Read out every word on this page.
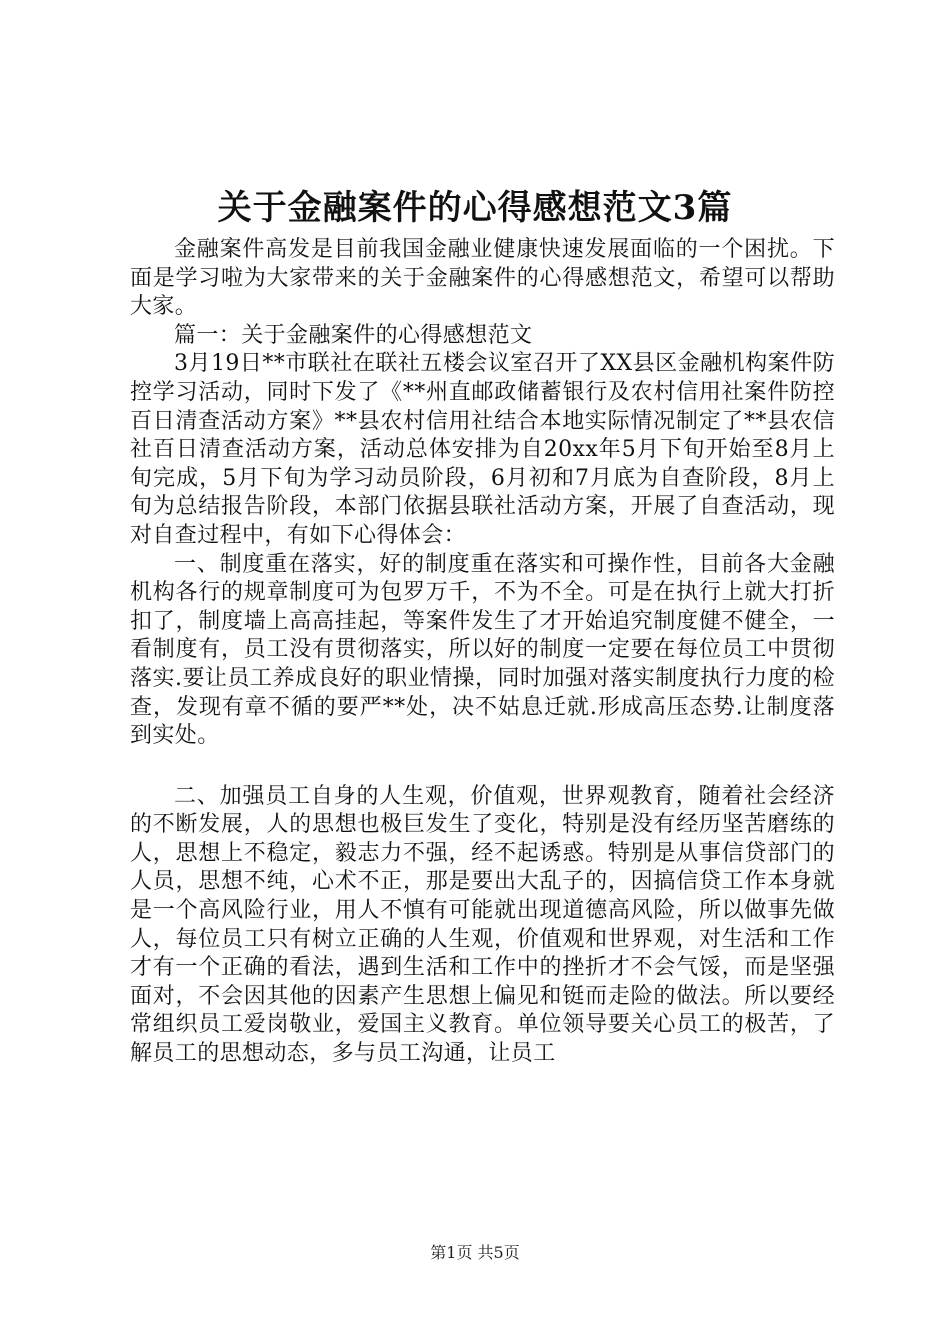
关于金融案件的心得感想范文3篇

金融案件高发是目前我国金融业健康快速发展面临的一个困扰。下面是学习啦为大家带来的关于金融案件的心得感想范文，希望可以帮助大家。

篇一：关于金融案件的心得感想范文

3月19日**市联社在联社五楼会议室召开了XX县区金融机构案件防控学习活动，同时下发了《**州直邮政储蓄银行及农村信用社案件防控百日清查活动方案》**县农村信用社结合本地实际情况制定了**县农信社百日清查活动方案，活动总体安排为自20xx年5月下旬开始至8月上旬完成，5月下旬为学习动员阶段，6月初和7月底为自查阶段，8月上旬为总结报告阶段，本部门依据县联社活动方案，开展了自查活动，现对自查过程中，有如下心得体会：

一、制度重在落实，好的制度重在落实和可操作性，目前各大金融机构各行的规章制度可为包罗万千，不为不全。可是在执行上就大打折扣了，制度墙上高高挂起，等案件发生了才开始追究制度健不健全，一看制度有，员工没有贯彻落实，所以好的制度一定要在每位员工中贯彻落实.要让员工养成良好的职业情操，同时加强对落实制度执行力度的检查，发现有章不循的要严**处，决不姑息迁就.形成高压态势.让制度落到实处。

二、加强员工自身的人生观，价值观，世界观教育，随着社会经济的不断发展，人的思想也极巨发生了变化，特别是没有经历坚苦磨练的人，思想上不稳定，毅志力不强，经不起诱惑。特别是从事信贷部门的人员，思想不纯，心术不正，那是要出大乱子的，因搞信贷工作本身就是一个高风险行业，用人不慎有可能就出现道德高风险，所以做事先做人，每位员工只有树立正确的人生观，价值观和世界观，对生活和工作才有一个正确的看法，遇到生活和工作中的挫折才不会气馁，而是坚强面对，不会因其他的因素产生思想上偏见和铤而走险的做法。所以要经常组织员工爱岗敬业，爱国主义教育。单位领导要关心员工的极苦，了解员工的思想动态，多与员工沟通，让员工

第1页 共5页
